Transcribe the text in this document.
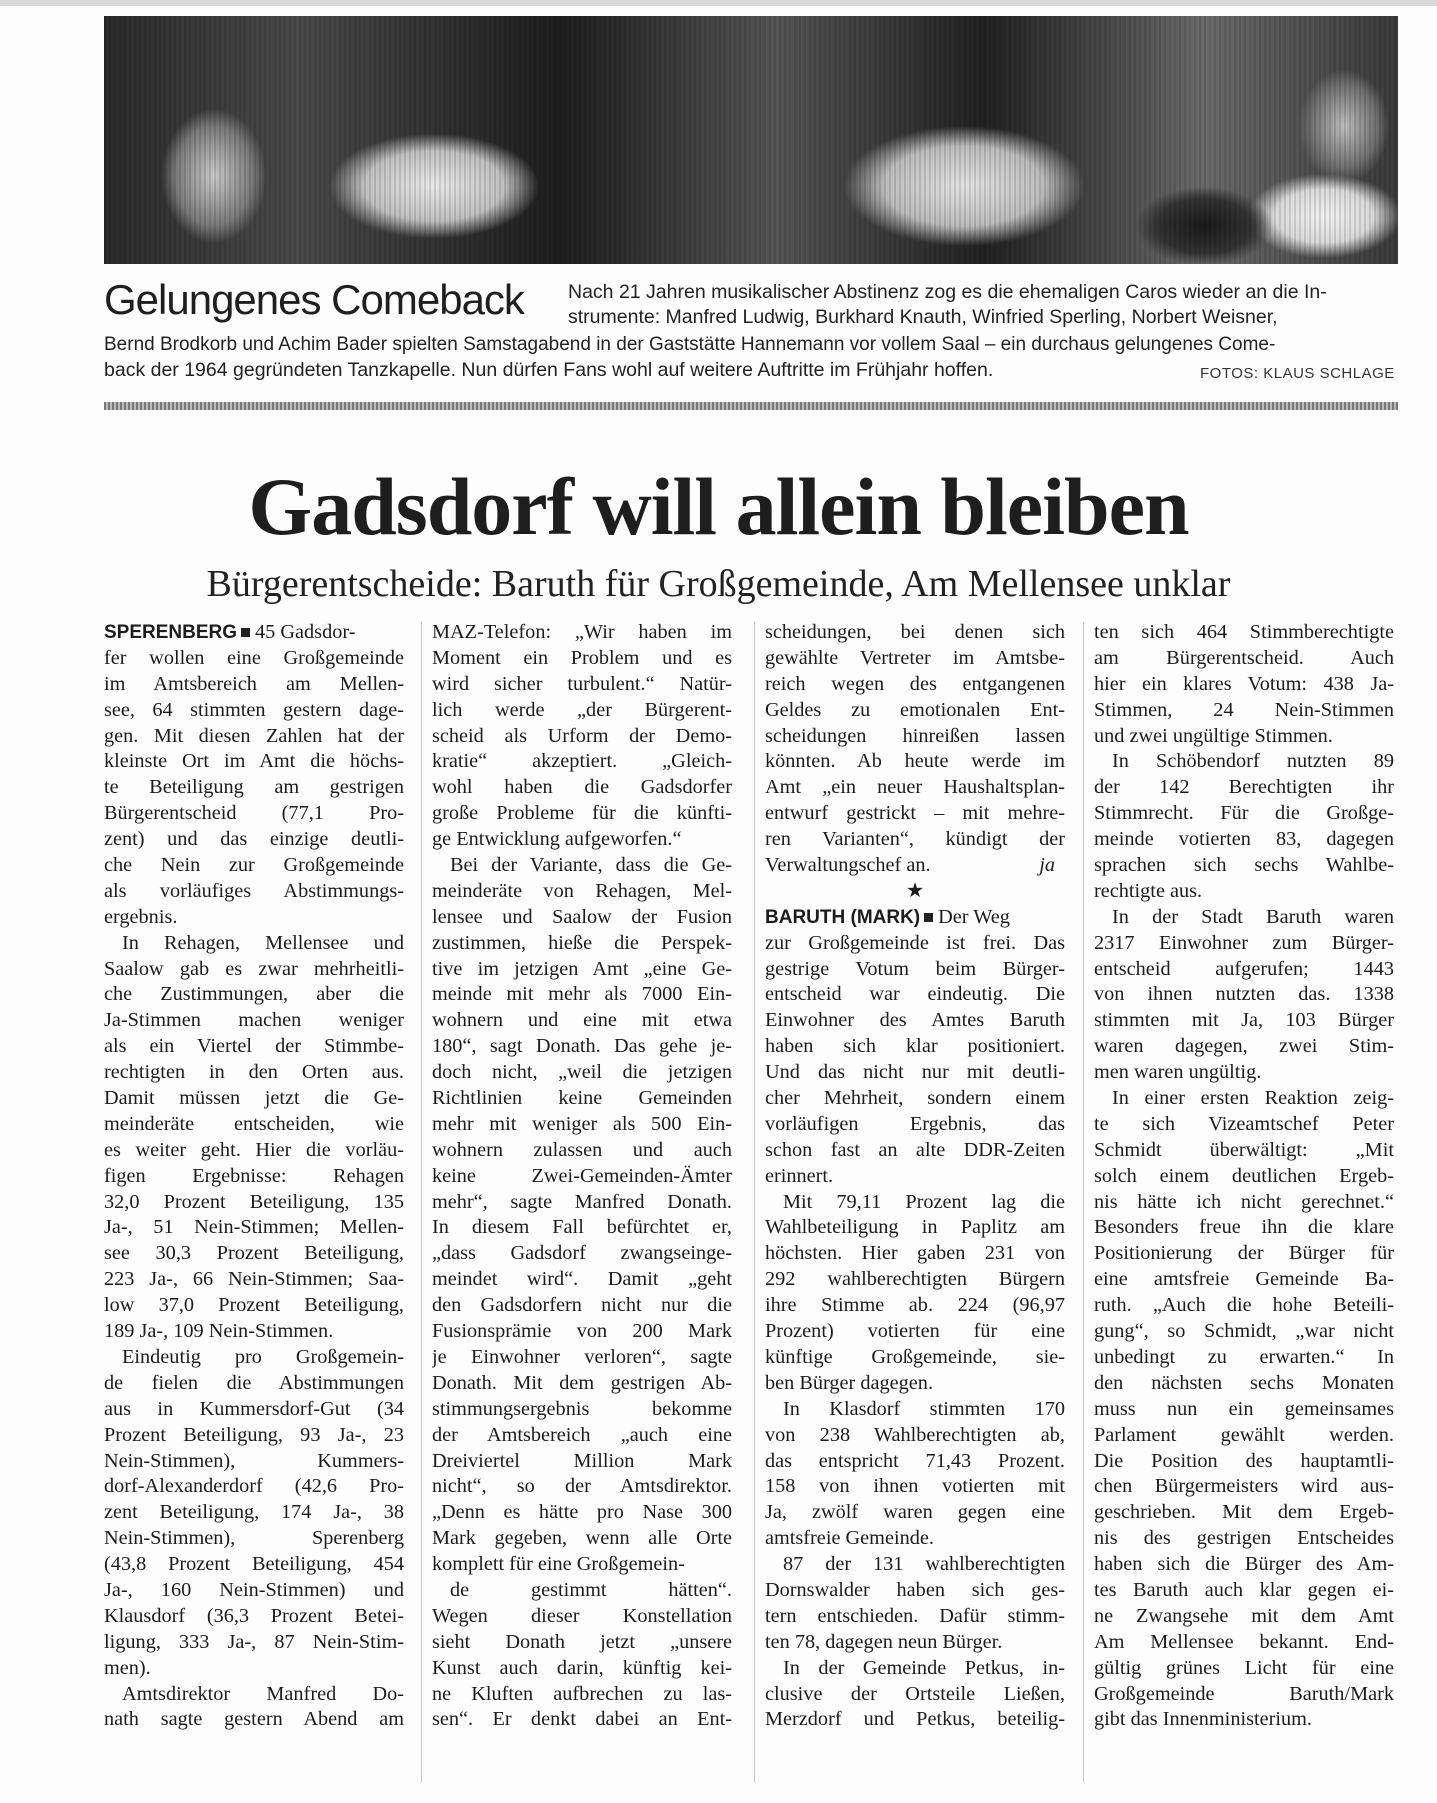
Gelungenes Comeback Nach 21 Jahren musikalischer Abstinenz zog es die ehemaligen Caros wieder an die In-
strumente: Manfred Ludwig, Burkhard Knauth, Winfried Sperling, Norbert Weisner,
Bernd Brodkorb und Achim Bader spielten Samstagabend in der Gaststätte Hannemann vor vollem Saal – ein durchaus gelungenes Come-
back der 1964 gegründeten Tanzkapelle. Nun dürfen Fans wohl auf weitere Auftritte im Frühjahr hoffen.	FOTOS: KLAUS SCHLAGE
Gadsdorf will allein bleiben
Bürgerentscheide: Baruth für Großgemeinde, Am Mellensee unklar
SPERENBERG 45 Gadsdor-
fer wollen eine Großgemeinde
im Amtsbereich am Mellen-
see, 64 stimmten gestern dage-
gen. Mit diesen Zahlen hat der
kleinste Ort im Amt die höchs-
te Beteiligung am gestrigen
Bürgerentscheid (77,1 Pro-
zent) und das einzige deutli-
che Nein zur Großgemeinde
als vorläufiges Abstimmungs-
ergebnis.
In Rehagen, Mellensee und
Saalow gab es zwar mehrheitli-
che Zustimmungen, aber die
Ja-Stimmen machen weniger
als ein Viertel der Stimmbe-
rechtigten in den Orten aus.
Damit müssen jetzt die Ge-
meinderäte entscheiden, wie
es weiter geht. Hier die vorläu-
figen Ergebnisse: Rehagen
32,0 Prozent Beteiligung, 135
Ja-, 51 Nein-Stimmen; Mellen-
see 30,3 Prozent Beteiligung,
223 Ja-, 66 Nein-Stimmen; Saa-
low 37,0 Prozent Beteiligung,
189 Ja-, 109 Nein-Stimmen.
Eindeutig pro Großgemein-
de fielen die Abstimmungen
aus in Kummersdorf-Gut (34
Prozent Beteiligung, 93 Ja-, 23
Nein-Stimmen), Kummers-
dorf-Alexanderdorf (42,6 Pro-
zent Beteiligung, 174 Ja-, 38
Nein-Stimmen), Sperenberg
(43,8 Prozent Beteiligung, 454
Ja-, 160 Nein-Stimmen) und
Klausdorf (36,3 Prozent Betei-
ligung, 333 Ja-, 87 Nein-Stim-
men).
Amtsdirektor Manfred Do-
nath sagte gestern Abend am
MAZ-Telefon: „Wir haben im
Moment ein Problem und es
wird sicher turbulent.“ Natür-
lich werde „der Bürgerent-
scheid als Urform der Demo-
kratie“ akzeptiert. „Gleich-
wohl haben die Gadsdorfer
große Probleme für die künfti-
ge Entwicklung aufgeworfen.“
Bei der Variante, dass die Ge-
meinderäte von Rehagen, Mel-
lensee und Saalow der Fusion
zustimmen, hieße die Perspek-
tive im jetzigen Amt „eine Ge-
meinde mit mehr als 7000 Ein-
wohnern und eine mit etwa
180“, sagt Donath. Das gehe je-
doch nicht, „weil die jetzigen
Richtlinien keine Gemeinden
mehr mit weniger als 500 Ein-
wohnern zulassen und auch
keine Zwei-Gemeinden-Ämter
mehr“, sagte Manfred Donath.
In diesem Fall befürchtet er,
„dass Gadsdorf zwangseinge-
meindet wird“. Damit „geht
den Gadsdorfern nicht nur die
Fusionsprämie von 200 Mark
je Einwohner verloren“, sagte
Donath. Mit dem gestrigen Ab-
stimmungsergebnis bekomme
der Amtsbereich „auch eine
Dreiviertel Million Mark
nicht“, so der Amtsdirektor.
„Denn es hätte pro Nase 300
Mark gegeben, wenn alle Orte
komplett für eine Großgemein-
de gestimmt hätten“.
Wegen dieser Konstellation
sieht Donath jetzt „unsere
Kunst auch darin, künftig kei-
ne Kluften aufbrechen zu las-
sen“. Er denkt dabei an Ent-
scheidungen, bei denen sich
gewählte Vertreter im Amtsbe-
reich wegen des entgangenen
Geldes zu emotionalen Ent-
scheidungen hinreißen lassen
könnten. Ab heute werde im
Amt „ein neuer Haushaltsplan-
entwurf gestrickt – mit mehre-
ren Varianten“, kündigt der
Verwaltungschef an.	ja
★
BARUTH (MARK) Der Weg
zur Großgemeinde ist frei. Das
gestrige Votum beim Bürger-
entscheid war eindeutig. Die
Einwohner des Amtes Baruth
haben sich klar positioniert.
Und das nicht nur mit deutli-
cher Mehrheit, sondern einem
vorläufigen Ergebnis, das
schon fast an alte DDR-Zeiten
erinnert.
Mit 79,11 Prozent lag die
Wahlbeteiligung in Paplitz am
höchsten. Hier gaben 231 von
292 wahlberechtigten Bürgern
ihre Stimme ab. 224 (96,97
Prozent) votierten für eine
künftige Großgemeinde, sie-
ben Bürger dagegen.
In Klasdorf stimmten 170
von 238 Wahlberechtigten ab,
das entspricht 71,43 Prozent.
158 von ihnen votierten mit
Ja, zwölf waren gegen eine
amtsfreie Gemeinde.
87 der 131 wahlberechtigten
Dornswalder haben sich ges-
tern entschieden. Dafür stimm-
ten 78, dagegen neun Bürger.
In der Gemeinde Petkus, in-
clusive der Ortsteile Ließen,
Merzdorf und Petkus, beteilig-
ten sich 464 Stimmberechtigte
am Bürgerentscheid. Auch
hier ein klares Votum: 438 Ja-
Stimmen, 24 Nein-Stimmen
und zwei ungültige Stimmen.
In Schöbendorf nutzten 89
der 142 Berechtigten ihr
Stimmrecht. Für die Großge-
meinde votierten 83, dagegen
sprachen sich sechs Wahlbe-
rechtigte aus.
In der Stadt Baruth waren
2317 Einwohner zum Bürger-
entscheid aufgerufen; 1443
von ihnen nutzten das. 1338
stimmten mit Ja, 103 Bürger
waren dagegen, zwei Stim-
men waren ungültig.
In einer ersten Reaktion zeig-
te sich Vizeamtschef Peter
Schmidt überwältigt: „Mit
solch einem deutlichen Ergeb-
nis hätte ich nicht gerechnet.“
Besonders freue ihn die klare
Positionierung der Bürger für
eine amtsfreie Gemeinde Ba-
ruth. „Auch die hohe Beteili-
gung“, so Schmidt, „war nicht
unbedingt zu erwarten.“ In
den nächsten sechs Monaten
muss nun ein gemeinsames
Parlament gewählt werden.
Die Position des hauptamtli-
chen Bürgermeisters wird aus-
geschrieben. Mit dem Ergeb-
nis des gestrigen Entscheides
haben sich die Bürger des Am-
tes Baruth auch klar gegen ei-
ne Zwangsehe mit dem Amt
Am Mellensee bekannt. End-
gültig grünes Licht für eine
Großgemeinde Baruth/Mark
gibt das Innenministerium.
